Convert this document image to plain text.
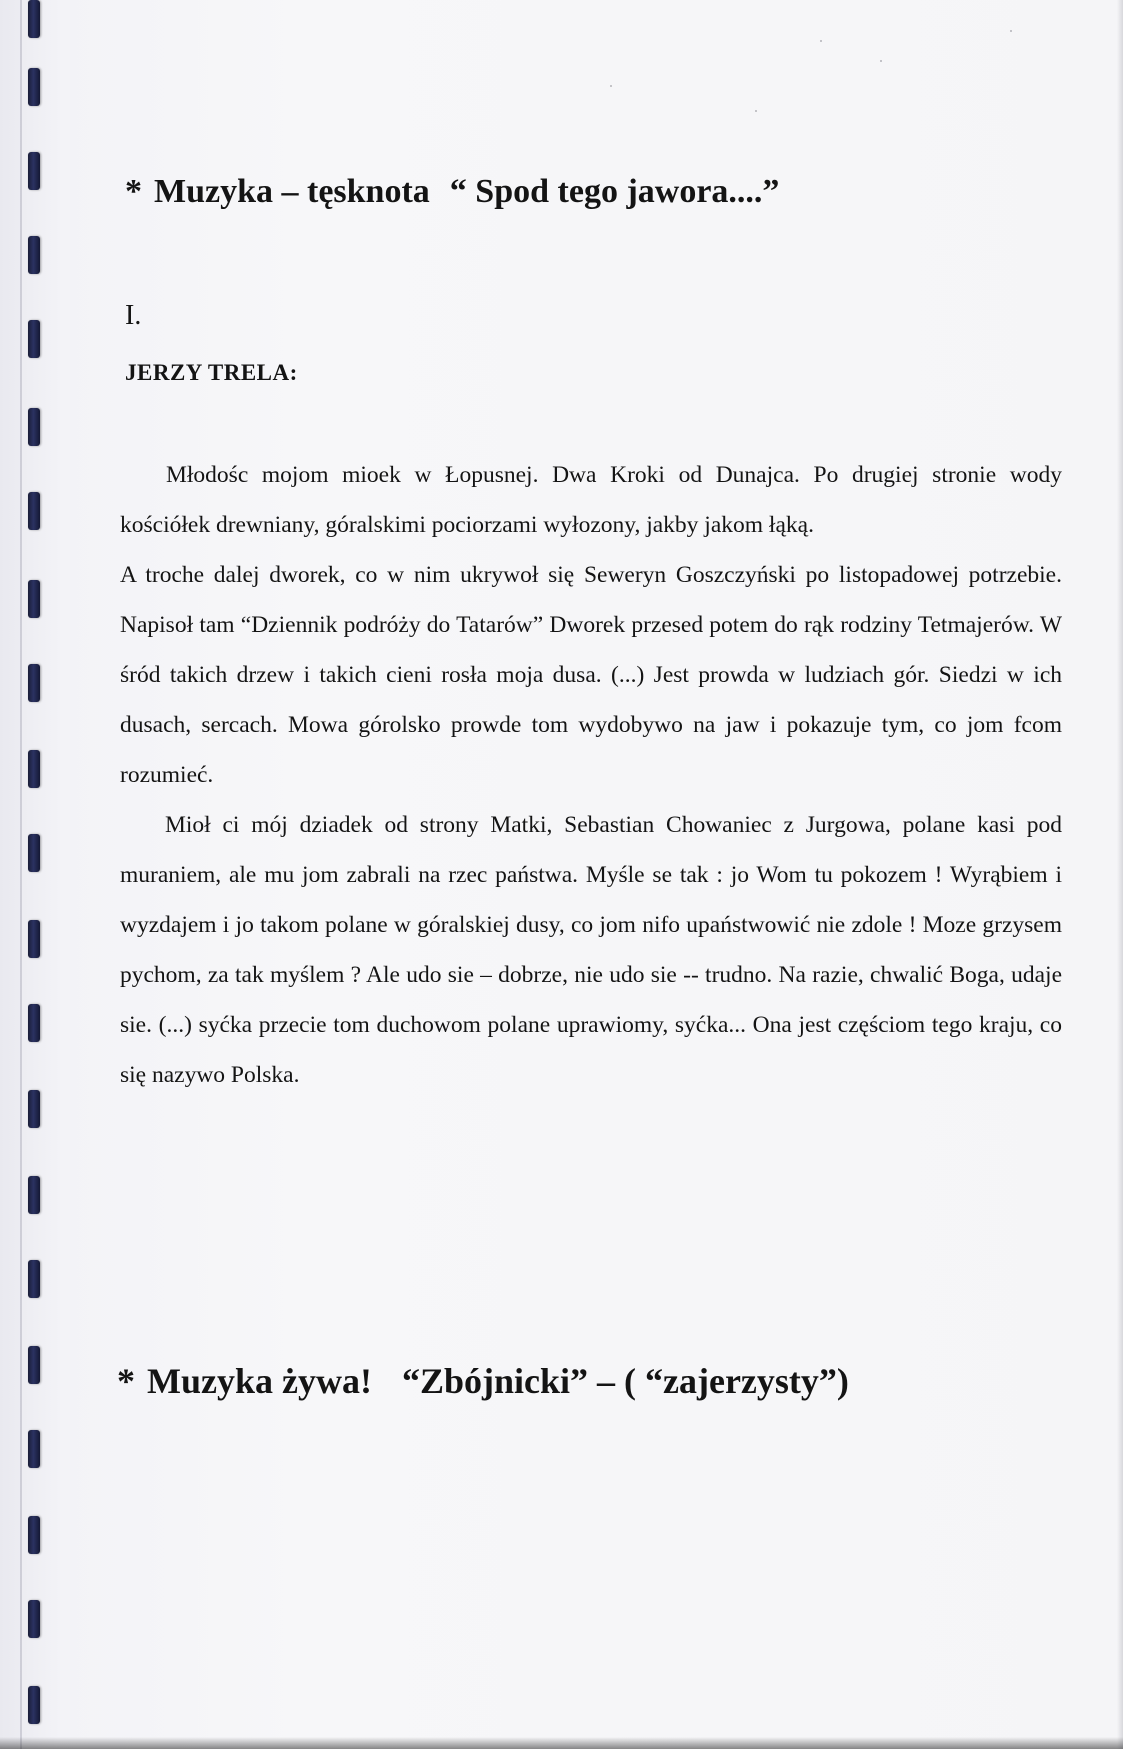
* Muzyka – tęsknota “ Spod tego jawora....”
I.
JERZY TRELA:

Młodośc mojom mioek w Łopusnej. Dwa Kroki od Dunajca. Po drugiej stronie wody kościółek drewniany, góralskimi pociorzami wyłozony, jakby jakom łąką.

A troche dalej dworek, co w nim ukrywoł się Seweryn Goszczyński po listopadowej potrzebie. Napisoł tam “Dziennik podróży do Tatarów” Dworek przesed potem do rąk rodziny Tetmajerów. W śród takich drzew i takich cieni rosła moja dusa. (...) Jest prowda w ludziach gór. Siedzi w ich dusach, sercach. Mowa górolsko prowde tom wydobywo na jaw i pokazuje tym, co jom fcom rozumieć.

Mioł ci mój dziadek od strony Matki, Sebastian Chowaniec z Jurgowa, polane kasi pod muraniem, ale mu jom zabrali na rzec państwa. Myśle se tak : jo Wom tu pokozem ! Wyrąbiem i wyzdajem i jo takom polane w góralskiej dusy, co jom nifo upaństwowić nie zdole ! Moze grzysem pychom, za tak myślem ? Ale udo sie – dobrze, nie udo sie -- trudno. Na razie, chwalić Boga, udaje sie. (...) syćka przecie tom duchowom polane uprawiomy, syćka... Ona jest częściom tego kraju, co się nazywo Polska.

* Muzyka żywa! “Zbójnicki” – ( “zajerzysty”)
